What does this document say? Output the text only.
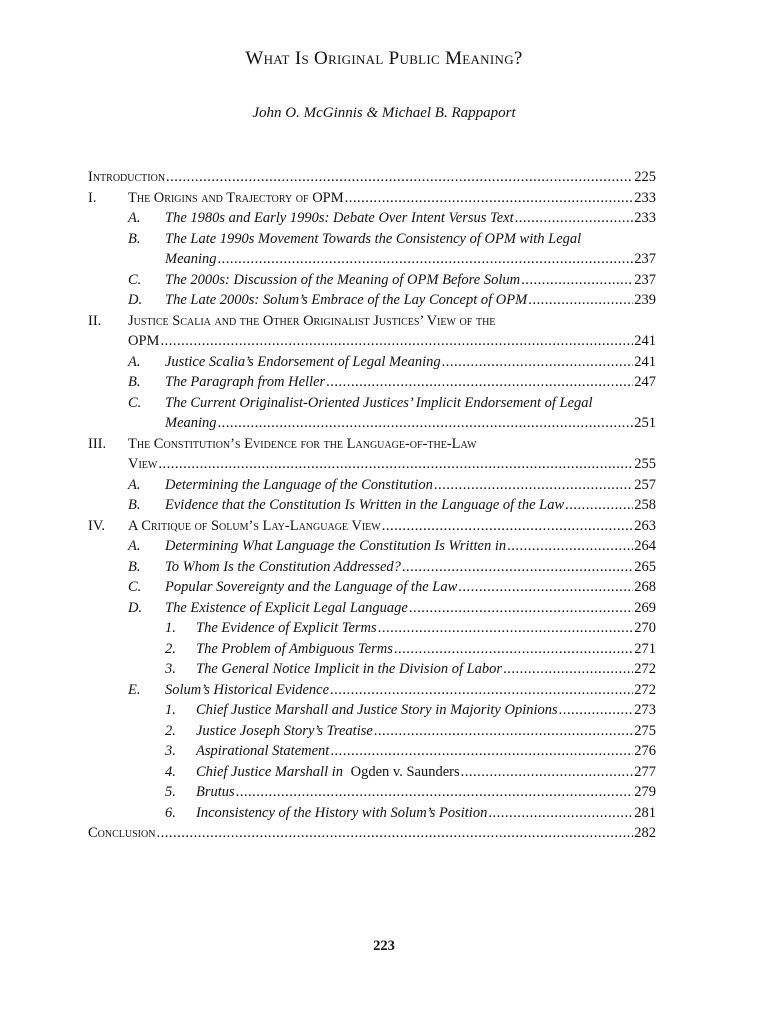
What Is Original Public Meaning?
John O. McGinnis & Michael B. Rappaport
Introduction .....	225
I. The Origins and Trajectory of OPM .....	233
A. The 1980s and Early 1990s: Debate Over Intent Versus Text .....	233
B. The Late 1990s Movement Towards the Consistency of OPM with Legal
Meaning .....	237
C. The 2000s: Discussion of the Meaning of OPM Before Solum .....	237
D. The Late 2000s: Solum’s Embrace of the Lay Concept of OPM .....	239
II. Justice Scalia and the Other Originalist Justices’ View of the
OPM .....	241
A. Justice Scalia’s Endorsement of Legal Meaning .....	241
B. The Paragraph from Heller .....	247
C. The Current Originalist-Oriented Justices’ Implicit Endorsement of Legal
Meaning .....	251
III. The Constitution’s Evidence for the Language-of-the-Law
View .....	255
A. Determining the Language of the Constitution .....	257
B. Evidence that the Constitution Is Written in the Language of the Law .....	258
IV. A Critique of Solum’s Lay-Language View .....	263
A. Determining What Language the Constitution Is Written in .....	264
B. To Whom Is the Constitution Addressed? .....	265
C. Popular Sovereignty and the Language of the Law .....	268
D. The Existence of Explicit Legal Language .....	269
1. The Evidence of Explicit Terms .....	270
2. The Problem of Ambiguous Terms .....	271
3. The General Notice Implicit in the Division of Labor .....	272
E. Solum’s Historical Evidence .....	272
1. Chief Justice Marshall and Justice Story in Majority Opinions .....	273
2. Justice Joseph Story’s Treatise .....	275
3. Aspirational Statement .....	276
4. Chief Justice Marshall in Ogden v. Saunders .....	277
5. Brutus .....	279
6. Inconsistency of the History with Solum’s Position .....	281
Conclusion .....	282
223
